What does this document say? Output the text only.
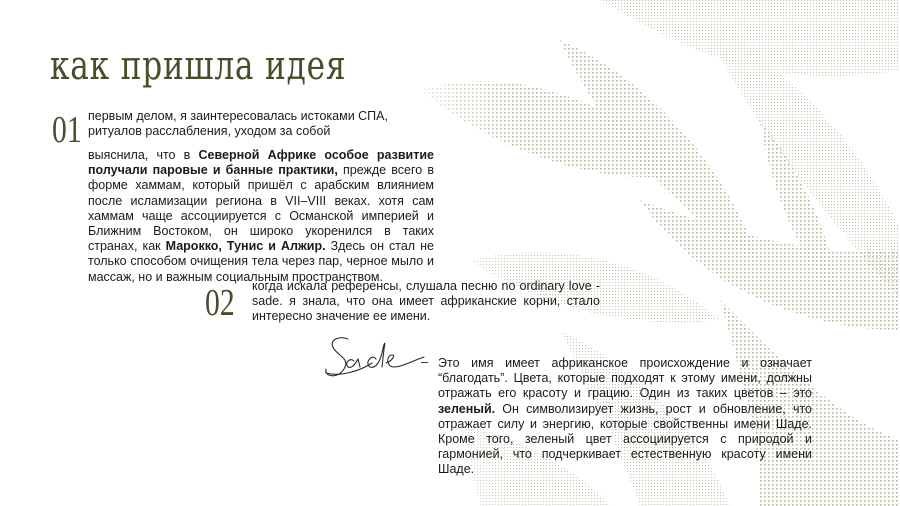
как пришла идея
01 первым делом, я заинтересовалась истоками СПА, ритуалов расслабления, уходом за собой

выяснила, что в Северной Африке особое развитие получали паровые и банные практики, прежде всего в форме хаммам, который пришёл с арабским влиянием после исламизации региона в VII–VIII веках. хотя сам хаммам чаще ассоциируется с Османской империей и Ближним Востоком, он широко укоренился в таких странах, как Марокко, Тунис и Алжир. Здесь он стал не только способом очищения тела через пар, черное мыло и массаж, но и важным социальным пространством.

02 когда искала референсы, слушала песню no ordinary love - sade. я знала, что она имеет африканские корни, стало интересно значение ее имени.

– Это имя имеет африканское происхождение и означает “благодать”. Цвета, которые подходят к этому имени, должны отражать его красоту и грацию. Один из таких цветов – это зеленый. Он символизирует жизнь, рост и обновление, что отражает силу и энергию, которые свойственны имени Шаде. Кроме того, зеленый цвет ассоциируется с природой и гармонией, что подчеркивает естественную красоту имени Шаде.
